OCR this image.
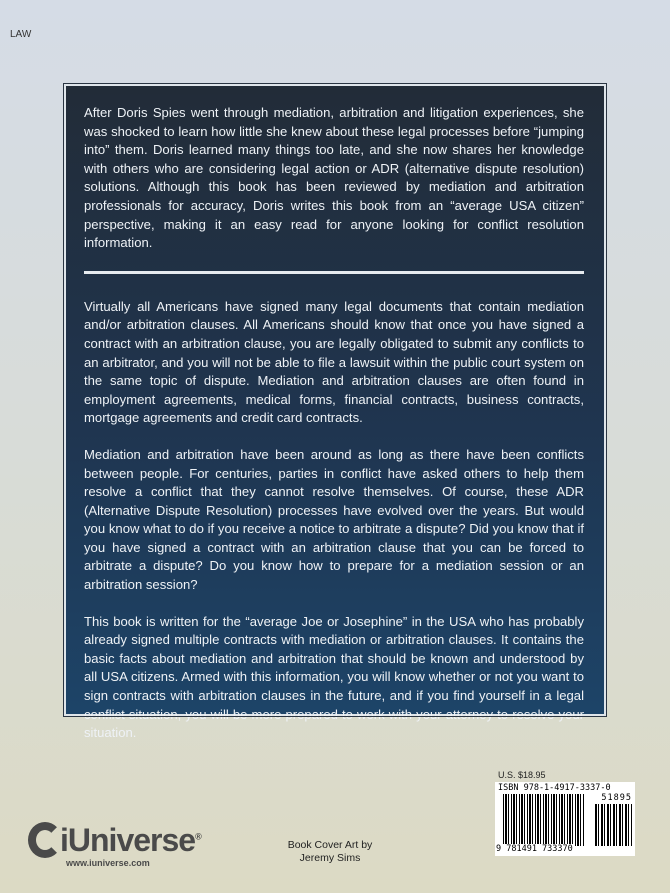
LAW

After Doris Spies went through mediation, arbitration and litigation experiences, she was shocked to learn how little she knew about these legal processes before “jumping into” them. Doris learned many things too late, and she now shares her knowledge with others who are considering legal action or ADR (alternative dispute resolution) solutions. Although this book has been reviewed by mediation and arbitration professionals for accuracy, Doris writes this book from an “average USA citizen” perspective, making it an easy read for anyone looking for conflict resolution information.

Virtually all Americans have signed many legal documents that contain mediation and/or arbitration clauses. All Americans should know that once you have signed a contract with an arbitration clause, you are legally obligated to submit any conflicts to an arbitrator, and you will not be able to file a lawsuit within the public court system on the same topic of dispute. Mediation and arbitration clauses are often found in employment agreements, medical forms, financial contracts, business contracts, mortgage agreements and credit card contracts.

Mediation and arbitration have been around as long as there have been conflicts between people. For centuries, parties in conflict have asked others to help them resolve a conflict that they cannot resolve themselves. Of course, these ADR (Alternative Dispute Resolution) processes have evolved over the years. But would you know what to do if you receive a notice to arbitrate a dispute? Did you know that if you have signed a contract with an arbitration clause that you can be forced to arbitrate a dispute? Do you know how to prepare for a mediation session or an arbitration session?

This book is written for the “average Joe or Josephine” in the USA who has probably already signed multiple contracts with mediation or arbitration clauses. It contains the basic facts about mediation and arbitration that should be known and understood by all USA citizens. Armed with this information, you will know whether or not you want to sign contracts with arbitration clauses in the future, and if you find yourself in a legal conflict situation, you will be more prepared to work with your attorney to resolve your situation.

iUniverse®
www.iuniverse.com
Book Cover Art by
Jeremy Sims
U.S. $18.95
ISBN 978-1-4917-3337-0
51895
9 781491 733370
